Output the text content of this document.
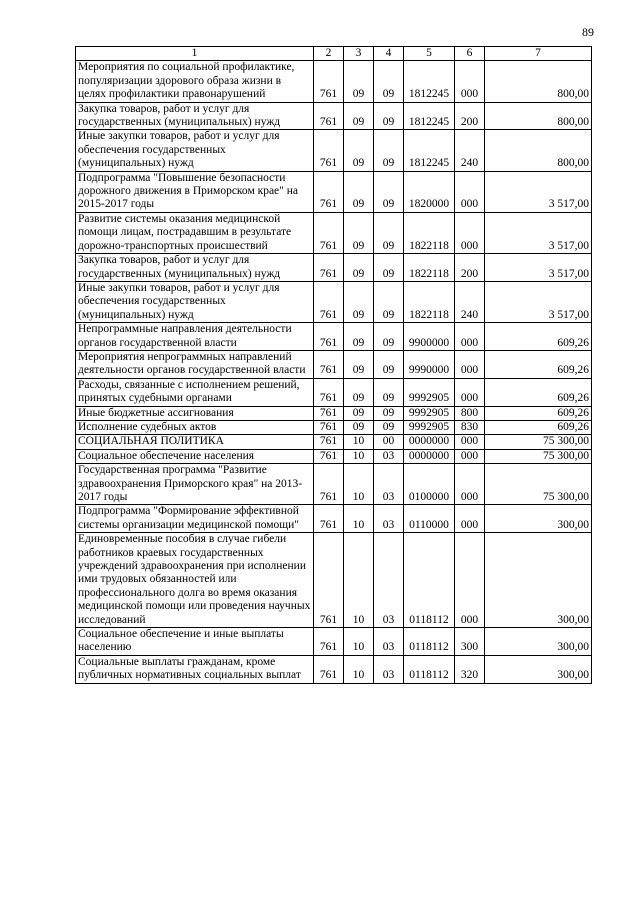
89
1	2	3	4	5	6	7
Мероприятия по социальной профилактике, популяризации здорового образа жизни в целях профилактики правонарушений	761	09	09	1812245	000	800,00
Закупка товаров, работ и услуг для государственных (муниципальных) нужд	761	09	09	1812245	200	800,00
Иные закупки товаров, работ и услуг для обеспечения государственных (муниципальных) нужд	761	09	09	1812245	240	800,00
Подпрограмма "Повышение безопасности дорожного движения в Приморском крае" на 2015-2017 годы	761	09	09	1820000	000	3 517,00
Развитие системы оказания медицинской помощи лицам, пострадавшим в результате дорожно-транспортных происшествий	761	09	09	1822118	000	3 517,00
Закупка товаров, работ и услуг для государственных (муниципальных) нужд	761	09	09	1822118	200	3 517,00
Иные закупки товаров, работ и услуг для обеспечения государственных (муниципальных) нужд	761	09	09	1822118	240	3 517,00
Непрограммные направления деятельности органов государственной власти	761	09	09	9900000	000	609,26
Мероприятия непрограммных направлений деятельности органов государственной власти	761	09	09	9990000	000	609,26
Расходы, связанные с исполнением решений, принятых судебными органами	761	09	09	9992905	000	609,26
Иные бюджетные ассигнования	761	09	09	9992905	800	609,26
Исполнение судебных актов	761	09	09	9992905	830	609,26
СОЦИАЛЬНАЯ ПОЛИТИКА	761	10	00	0000000	000	75 300,00
Социальное обеспечение населения	761	10	03	0000000	000	75 300,00
Государственная программа "Развитие здравоохранения Приморского края" на 2013-2017 годы	761	10	03	0100000	000	75 300,00
Подпрограмма "Формирование эффективной системы организации медицинской помощи"	761	10	03	0110000	000	300,00
Единовременные пособия в случае гибели работников краевых государственных учреждений здравоохранения при исполнении ими трудовых обязанностей или профессионального долга во время оказания медицинской помощи или проведения научных исследований	761	10	03	0118112	000	300,00
Социальное обеспечение и иные выплаты населению	761	10	03	0118112	300	300,00
Социальные выплаты гражданам, кроме публичных нормативных социальных выплат	761	10	03	0118112	320	300,00
